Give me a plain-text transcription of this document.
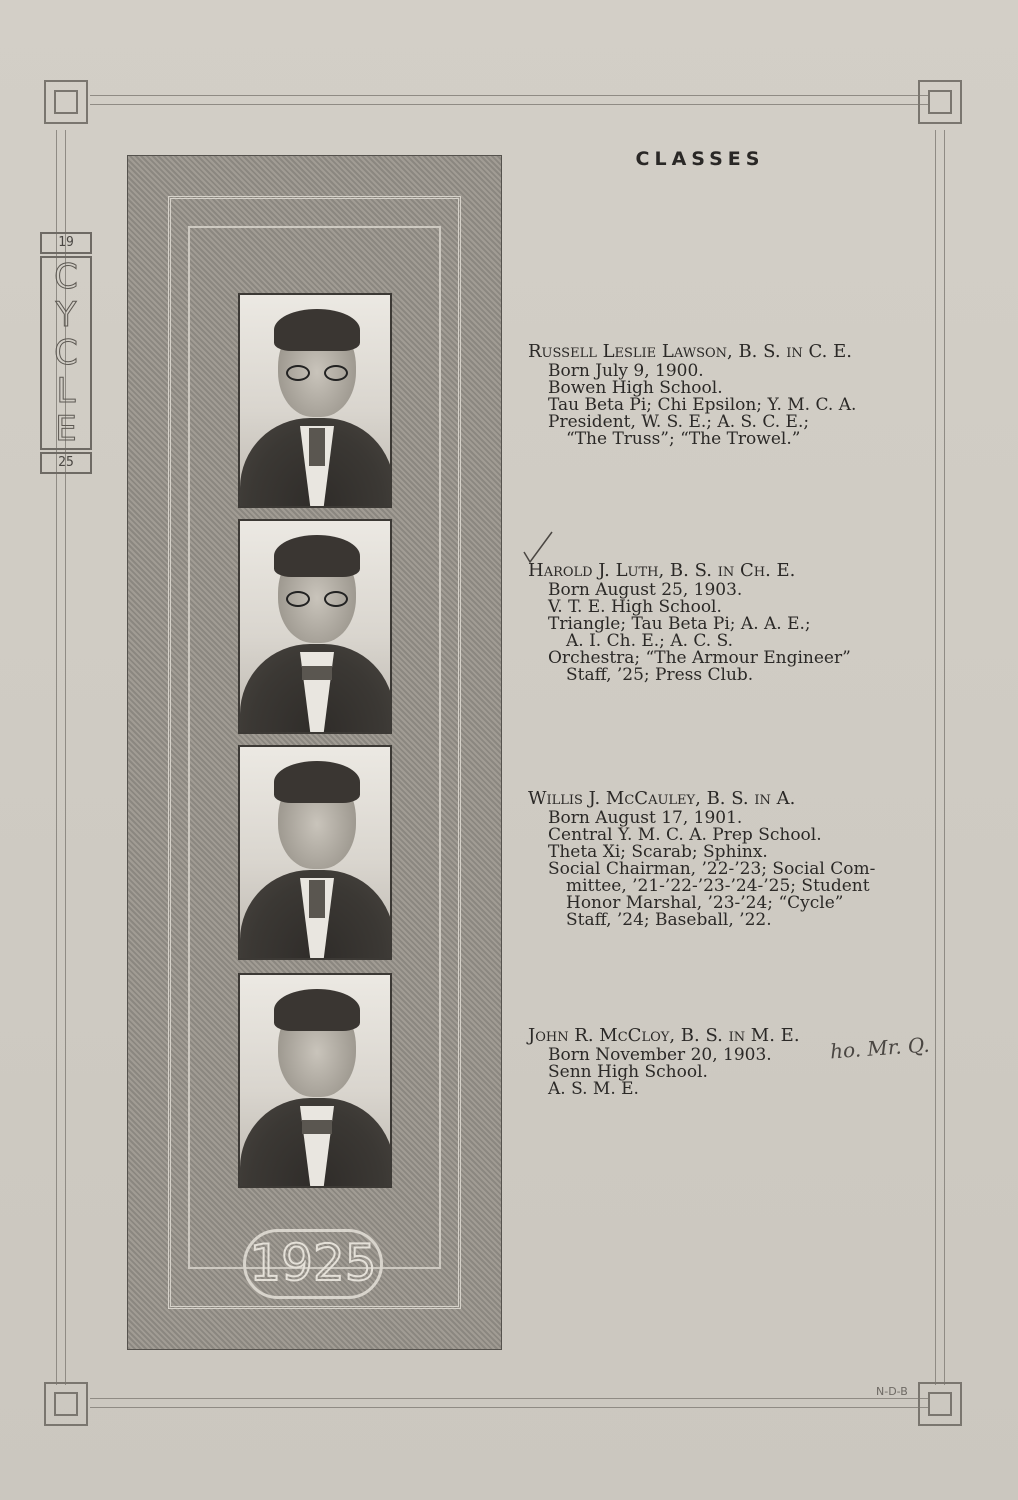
19
C
Y
C
L
E
25
1925
CLASSES
Russell Leslie Lawson, B. S. in C. E.
Born July 9, 1900.
Bowen High School.
Tau Beta Pi; Chi Epsilon; Y. M. C. A.
President, W. S. E.; A. S. C. E.;
“The Truss”; “The Trowel.”
Harold J. Luth, B. S. in Ch. E.
Born August 25, 1903.
V. T. E. High School.
Triangle; Tau Beta Pi; A. A. E.;
A. I. Ch. E.; A. C. S.
Orchestra; “The Armour Engineer”
Staff, ’25; Press Club.
Willis J. McCauley, B. S. in A.
Born August 17, 1901.
Central Y. M. C. A. Prep School.
Theta Xi; Scarab; Sphinx.
Social Chairman, ’22-’23; Social Com-
mittee, ’21-’22-’23-’24-’25; Student
Honor Marshal, ’23-’24; “Cycle”
Staff, ’24; Baseball, ’22.
John R. McCloy, B. S. in M. E.
Born November 20, 1903.
Senn High School.
A. S. M. E.
ho. Mr. Q.
N-D-B
